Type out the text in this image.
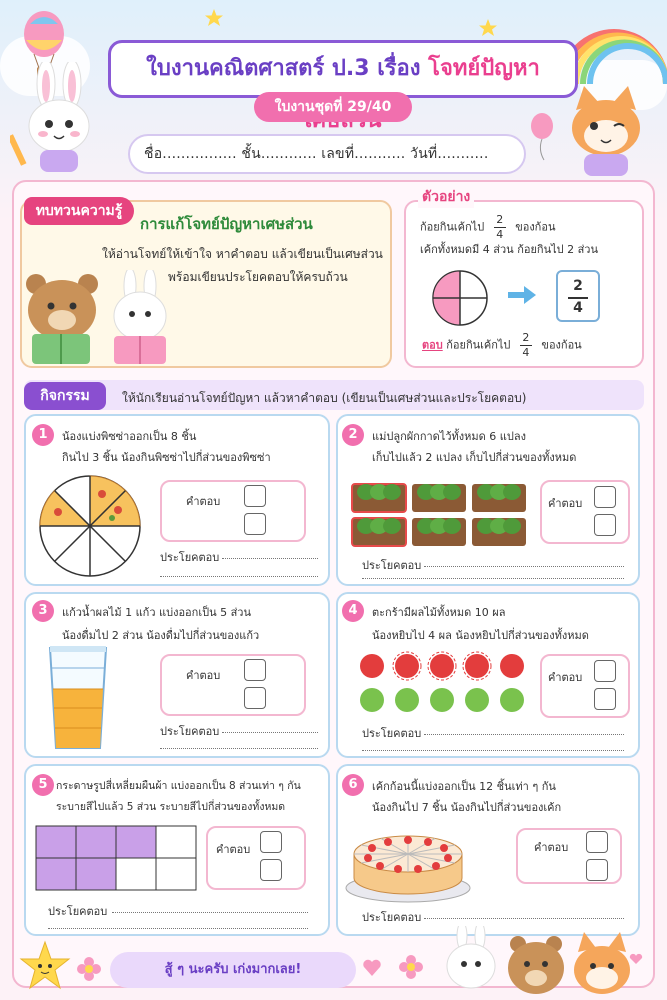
ใบงานคณิตศาสตร์ ป.3 เรื่อง โจทย์ปัญหา
ใบงานชุดที่ 29/40
ชื่อ................ ชั้น............ เลขที่........... วันที่...........
ทบทวนความรู้
การแก้โจทย์ปัญหาเศษส่วน
ให้อ่านโจทย์ให้เข้าใจ หาคำตอบ แล้วเขียนเป็นเศษส่วน
พร้อมเขียนประโยคตอบให้ครบถ้วน
ตัวอย่าง
ก้อยกินเค้กไป $\frac{2}{4}$ ของก้อน
เค้กทั้งหมดมี 4 ส่วน ก้อยกินไป 2 ส่วน
2
4
ตอบ ก้อยกินเค้กไป $\frac{2}{4}$ ของก้อน
กิจกรรม	ให้นักเรียนอ่านโจทย์ปัญหา แล้วหาคำตอบ (เขียนเป็นเศษส่วนและประโยคตอบ)
1	น้องแบ่งพิซซ่าออกเป็น 8 ชิ้น
กินไป 3 ชิ้น น้องกินพิซซ่าไปกี่ส่วนของพิซซ่า
คำตอบ
ประโยคตอบ
2	แม่ปลูกผักกาดไว้ทั้งหมด 6 แปลง
เก็บไปแล้ว 2 แปลง เก็บไปกี่ส่วนของทั้งหมด
คำตอบ
ประโยคตอบ
3	แก้วน้ำผลไม้ 1 แก้ว แบ่งออกเป็น 5 ส่วน
น้องดื่มไป 2 ส่วน น้องดื่มไปกี่ส่วนของแก้ว
คำตอบ
ประโยคตอบ
4	ตะกร้ามีผลไม้ทั้งหมด 10 ผล
น้องหยิบไป 4 ผล น้องหยิบไปกี่ส่วนของทั้งหมด
คำตอบ
ประโยคตอบ
5 กระดาษรูปสี่เหลี่ยมผืนผ้า แบ่งออกเป็น 8 ส่วนเท่า ๆ กัน
ระบายสีไปแล้ว 5 ส่วน ระบายสีไปกี่ส่วนของทั้งหมด
คำตอบ
ประโยคตอบ
6	เค้กก้อนนี้แบ่งออกเป็น 12 ชิ้นเท่า ๆ กัน
น้องกินไป 7 ชิ้น น้องกินไปกี่ส่วนของเค้ก
คำตอบ
ประโยคตอบ
สู้ ๆ นะครับ เก่งมากเลย!
